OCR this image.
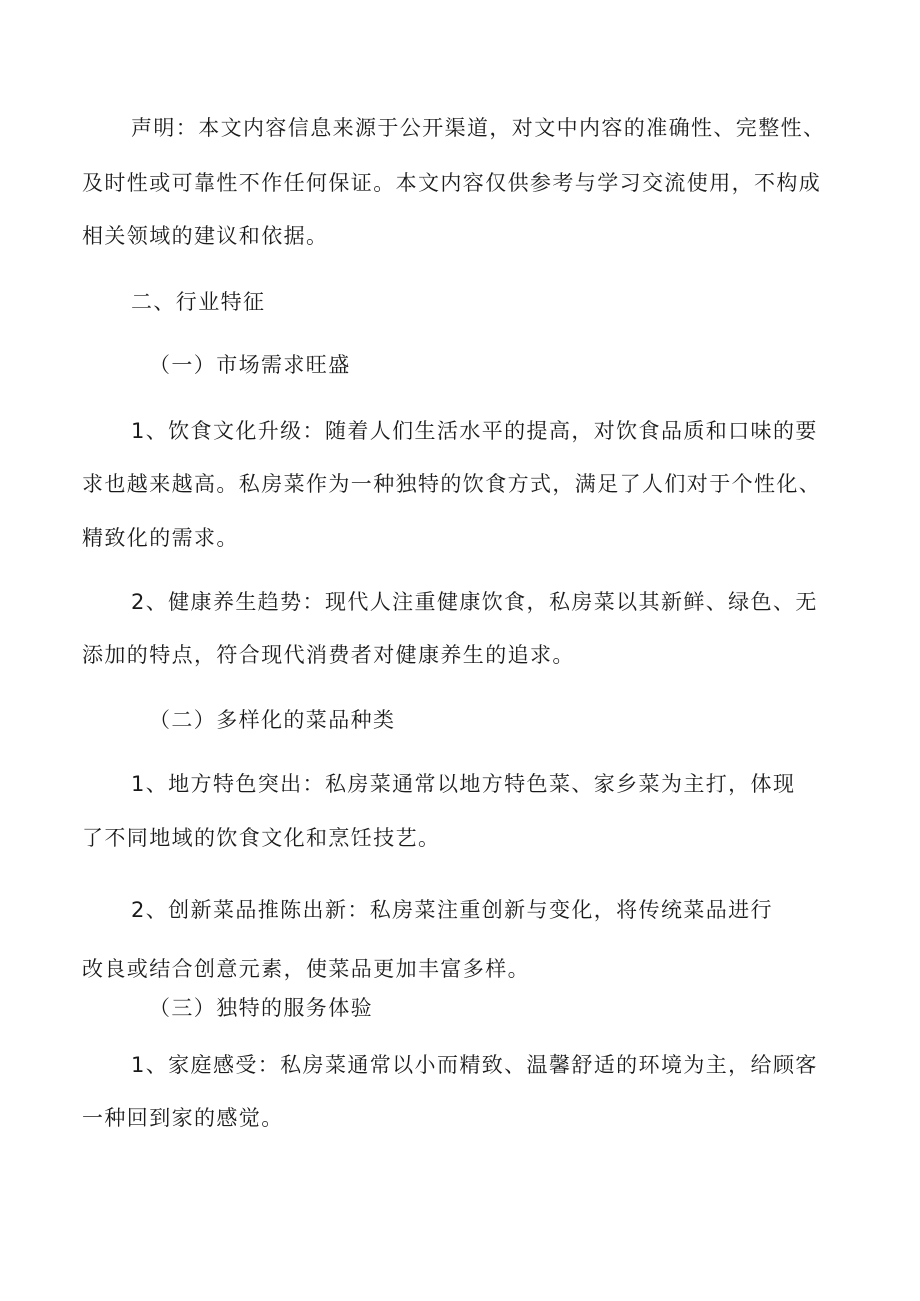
声明：本文内容信息来源于公开渠道，对文中内容的准确性、完整性、
及时性或可靠性不作任何保证。本文内容仅供参考与学习交流使用，不构成
相关领域的建议和依据。
二、行业特征
（一）市场需求旺盛
1、饮食文化升级：随着人们生活水平的提高，对饮食品质和口味的要
求也越来越高。私房菜作为一种独特的饮食方式，满足了人们对于个性化、
精致化的需求。
2、健康养生趋势：现代人注重健康饮食，私房菜以其新鲜、绿色、无
添加的特点，符合现代消费者对健康养生的追求。
（二）多样化的菜品种类
1、地方特色突出：私房菜通常以地方特色菜、家乡菜为主打，体现
了不同地域的饮食文化和烹饪技艺。
2、创新菜品推陈出新：私房菜注重创新与变化，将传统菜品进行
改良或结合创意元素，使菜品更加丰富多样。
（三）独特的服务体验
1、家庭感受：私房菜通常以小而精致、温馨舒适的环境为主，给顾客
一种回到家的感觉。
